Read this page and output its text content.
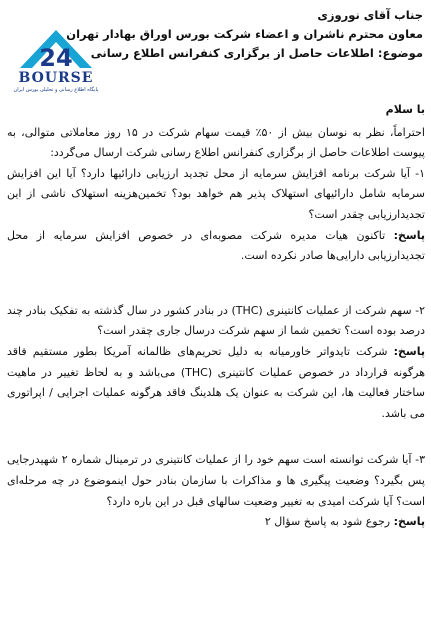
جناب آقای نوروزی
معاون محترم ناشران و اعضاء شرکت بورس اوراق بهادار تهران
موضوع: اطلاعات حاصل از برگزاری کنفرانس اطلاع رسانی
24
BOURSE
پایگاه اطلاع رسانی و تحلیلی بورس ایران

با سلام

احتراماً، نظر به نوسان بیش از ۵۰٪ قیمت سهام شرکت در ۱۵ روز معاملاتی متوالی، به پیوست اطلاعات حاصل از برگزاری کنفرانس اطلاع رسانی شرکت ارسال می‌گردد:

۱- آیا شرکت برنامه افزایش سرمایه از محل تجدید ارزیابی دارائیها دارد؟ آیا این افزایش سرمایه شامل دارائیهای استهلاک پذیر هم خواهد بود؟ تخمین‌هزینه استهلاک ناشی از این تجدیدارزیابی چقدر است؟

پاسخ: تاکنون هیات مدیره شرکت مصوبه‌ای در خصوص افزایش سرمایه از محل تجدیدارزیابی دارایی‌ها صادر نکرده است.

۲- سهم شرکت از عملیات کانتینری (THC) در بنادر کشور در سال گذشته به تفکیک بنادر چند درصد بوده است؟ تخمین شما از سهم شرکت درسال جاری چقدر است؟

پاسخ: شرکت تایدواتر خاورمیانه به دلیل تحریم‌های ظالمانه آمریکا بطور مستقیم فاقد هرگونه قرارداد در خصوص عملیات کانتینری (THC) می‌باشد و به لحاظ تغییر در ماهیت ساختار فعالیت ها، این شرکت به عنوان یک هلدینگ فاقد هرگونه عملیات اجرایی / اپراتوری می باشد.

۳- آیا شرکت توانسته است سهم خود را از عملیات کانتینری در ترمینال شماره ۲ شهیدرجایی پس بگیرد؟ وضعیت پیگیری ها و مذاکرات با سازمان بنادر حول اینموضوع در چه مرحله‌ای است؟ آیا شرکت امیدی به تغییر وضعیت سالهای قبل در این باره دارد؟

پاسخ: رجوع شود به پاسخ سؤال ۲
